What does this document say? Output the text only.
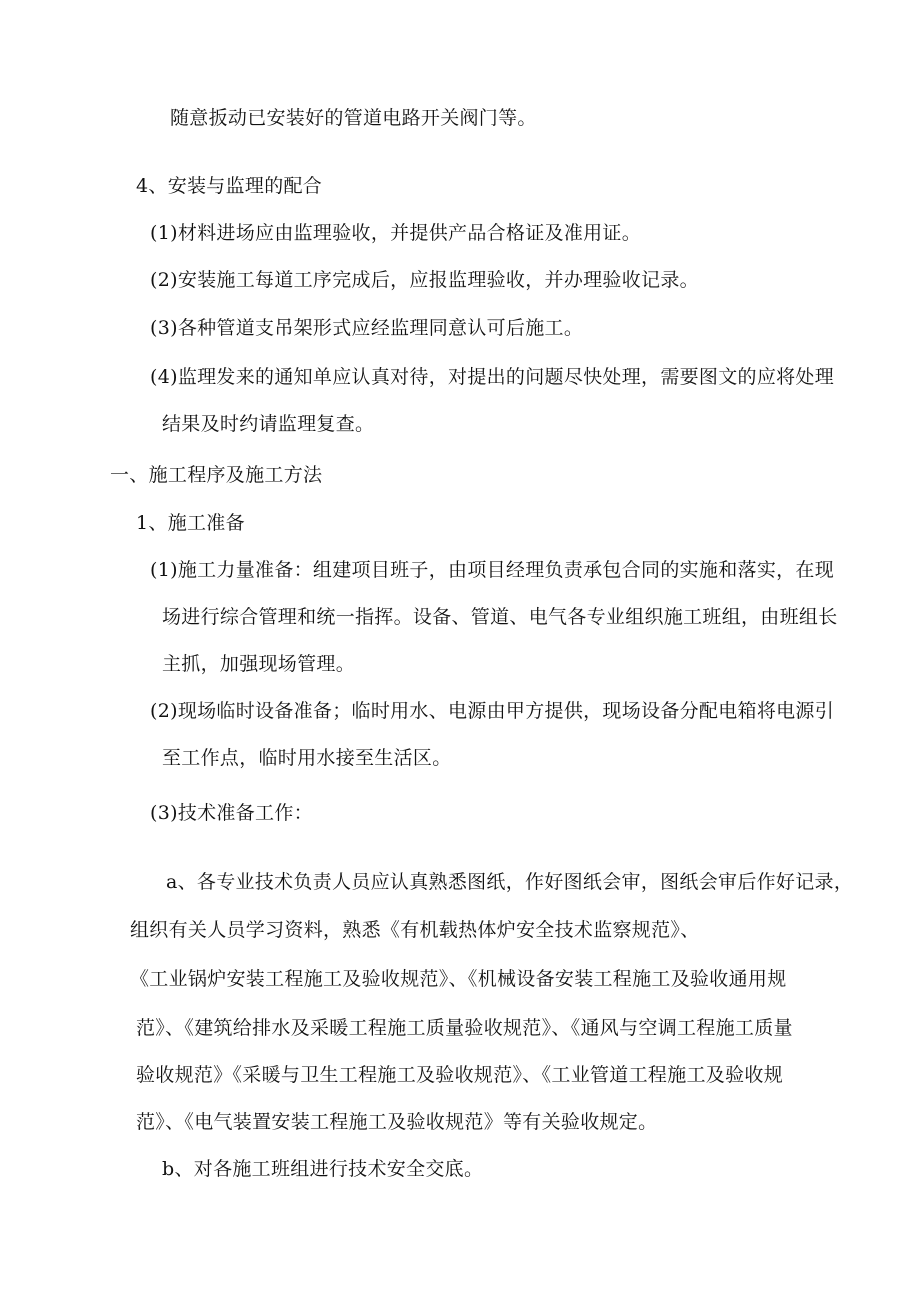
随意扳动已安装好的管道电路开关阀门等。
4、安装与监理的配合
(1)材料进场应由监理验收，并提供产品合格证及准用证。
(2)安装施工每道工序完成后，应报监理验收，并办理验收记录。
(3)各种管道支吊架形式应经监理同意认可后施工。
(4)监理发来的通知单应认真对待，对提出的问题尽快处理，需要图文的应将处理
结果及时约请监理复查。
一、施工程序及施工方法
1、施工准备
(1)施工力量准备：组建项目班子，由项目经理负责承包合同的实施和落实，在现
场进行综合管理和统一指挥。设备、管道、电气各专业组织施工班组，由班组长
主抓，加强现场管理。
(2)现场临时设备准备；临时用水、电源由甲方提供，现场设备分配电箱将电源引
至工作点，临时用水接至生活区。
(3)技术准备工作：
a、各专业技术负责人员应认真熟悉图纸，作好图纸会审，图纸会审后作好记录，
组织有关人员学习资料，熟悉《有机载热体炉安全技术监察规范》、
《工业锅炉安装工程施工及验收规范》、《机械设备安装工程施工及验收通用规
范》、《建筑给排水及采暖工程施工质量验收规范》、《通风与空调工程施工质量
验收规范》《采暖与卫生工程施工及验收规范》、《工业管道工程施工及验收规
范》、《电气装置安装工程施工及验收规范》等有关验收规定。
b、对各施工班组进行技术安全交底。
